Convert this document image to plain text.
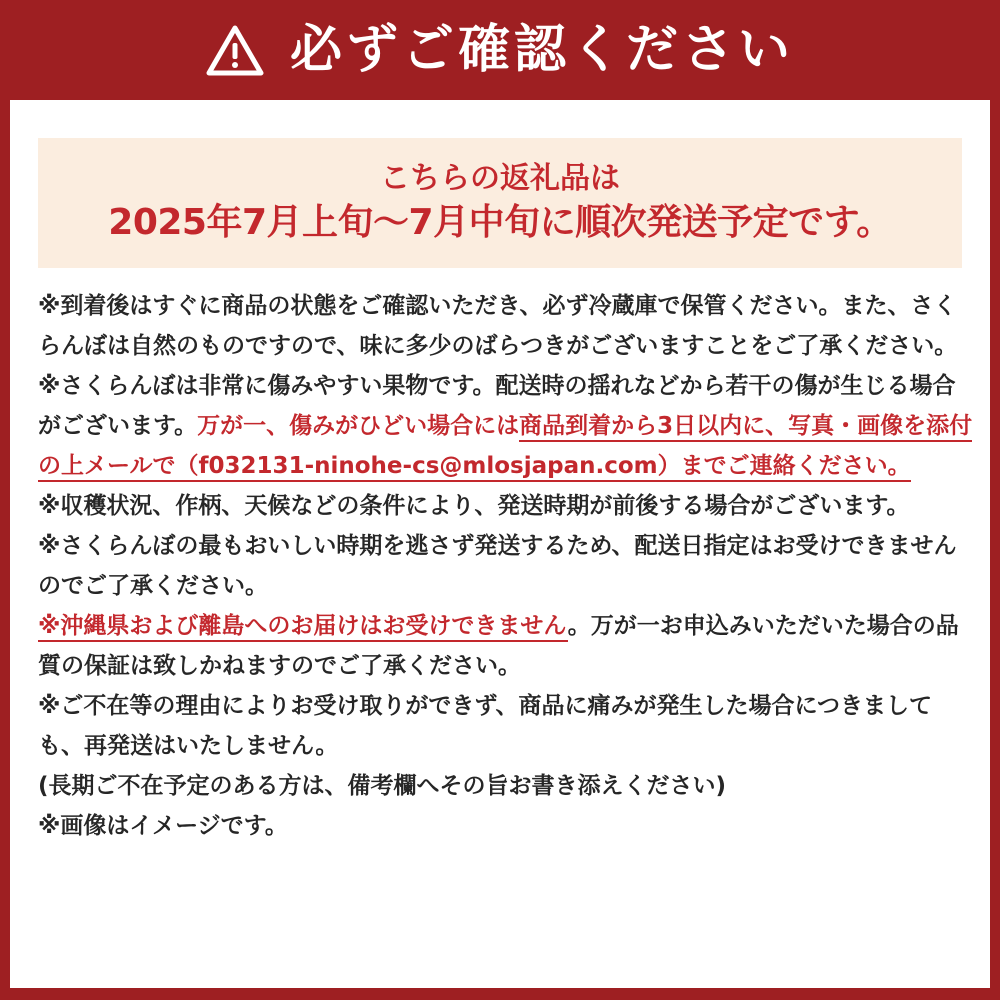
必ずご確認ください
こちらの返礼品は
2025年7月上旬〜7月中旬に順次発送予定です。

※到着後はすぐに商品の状態をご確認いただき、必ず冷蔵庫で保管ください。また、さくらんぼは自然のものですので、味に多少のばらつきがございますことをご了承ください。

※さくらんぼは非常に傷みやすい果物です。配送時の揺れなどから若干の傷が生じる場合がございます。万が一、傷みがひどい場合には商品到着から3日以内に、写真・画像を添付の上メールで（f032131-ninohe-cs@mlosjapan.com）までご連絡ください。

※収穫状況、作柄、天候などの条件により、発送時期が前後する場合がございます。

※さくらんぼの最もおいしい時期を逃さず発送するため、配送日指定はお受けできませんのでご了承ください。

※沖縄県および離島へのお届けはお受けできません。万が一お申込みいただいた場合の品質の保証は致しかねますのでご了承ください。

※ご不在等の理由によりお受け取りができず、商品に痛みが発生した場合につきましても、再発送はいたしません。

(長期ご不在予定のある方は、備考欄へその旨お書き添えください)

※画像はイメージです。
